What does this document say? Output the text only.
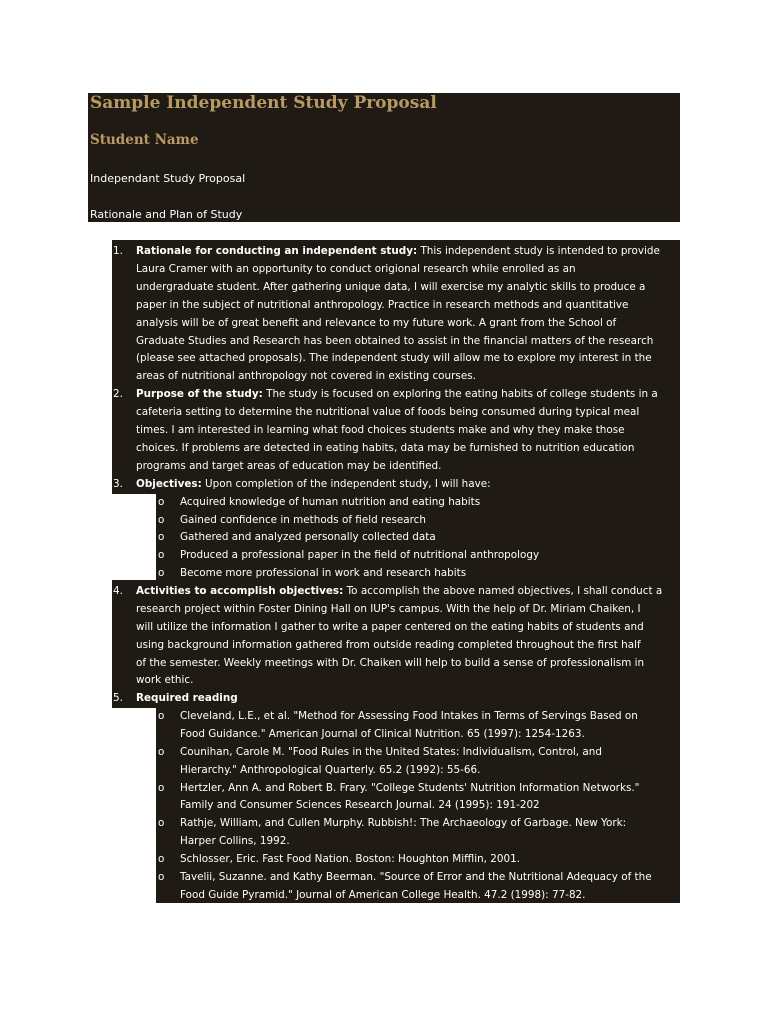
Sample Independent Study Proposal
Student Name
Independant Study Proposal
Rationale and Plan of Study
1. Rationale for conducting an independent study: This independent study is intended to provide
Laura Cramer with an opportunity to conduct origional research while enrolled as an
undergraduate student. After gathering unique data, I will exercise my analytic skills to produce a
paper in the subject of nutritional anthropology. Practice in research methods and quantitative
analysis will be of great benefit and relevance to my future work. A grant from the School of
Graduate Studies and Research has been obtained to assist in the financial matters of the research
(please see attached proposals). The independent study will allow me to explore my interest in the
areas of nutritional anthropology not covered in existing courses.
2. Purpose of the study: The study is focused on exploring the eating habits of college students in a
cafeteria setting to determine the nutritional value of foods being consumed during typical meal
times. I am interested in learning what food choices students make and why they make those
choices. If problems are detected in eating habits, data may be furnished to nutrition education
programs and target areas of education may be identified.
3. Objectives: Upon completion of the independent study, I will have:
o Acquired knowledge of human nutrition and eating habits
o Gained confidence in methods of field research
o Gathered and analyzed personally collected data
o Produced a professional paper in the field of nutritional anthropology
o Become more professional in work and research habits
4. Activities to accomplish objectives: To accomplish the above named objectives, I shall conduct a
research project within Foster Dining Hall on IUP's campus. With the help of Dr. Miriam Chaiken, I
will utilize the information I gather to write a paper centered on the eating habits of students and
using background information gathered from outside reading completed throughout the first half
of the semester. Weekly meetings with Dr. Chaiken will help to build a sense of professionalism in
work ethic.
5. Required reading
o Cleveland, L.E., et al. "Method for Assessing Food Intakes in Terms of Servings Based on
Food Guidance." American Journal of Clinical Nutrition. 65 (1997): 1254-1263.
o Counihan, Carole M. "Food Rules in the United States: Individualism, Control, and
Hierarchy." Anthropological Quarterly. 65.2 (1992): 55-66.
o Hertzler, Ann A. and Robert B. Frary. "College Students' Nutrition Information Networks."
Family and Consumer Sciences Research Journal. 24 (1995): 191-202
o Rathje, William, and Cullen Murphy. Rubbish!: The Archaeology of Garbage. New York:
Harper Collins, 1992.
o Schlosser, Eric. Fast Food Nation. Boston: Houghton Mifflin, 2001.
o Tavelii, Suzanne. and Kathy Beerman. "Source of Error and the Nutritional Adequacy of the
Food Guide Pyramid." Journal of American College Health. 47.2 (1998): 77-82.
